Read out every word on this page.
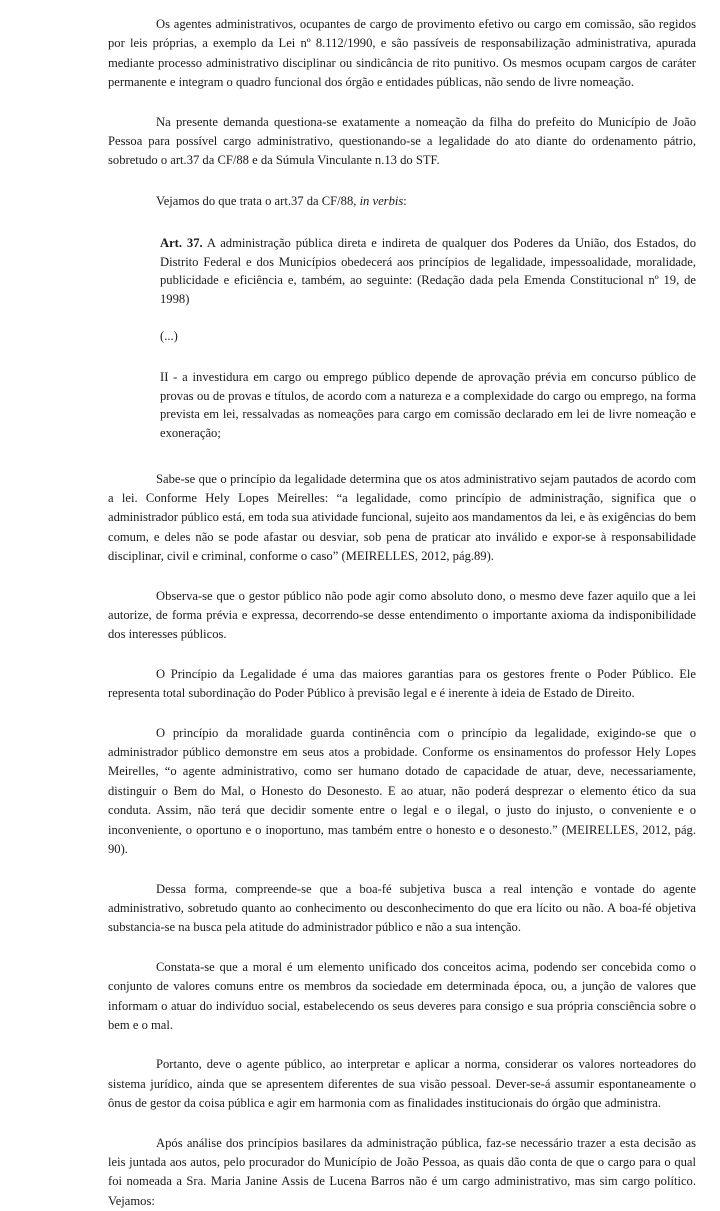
Os agentes administrativos, ocupantes de cargo de provimento efetivo ou cargo em comissão, são regidos por leis próprias, a exemplo da Lei nº 8.112/1990, e são passíveis de responsabilização administrativa, apurada mediante processo administrativo disciplinar ou sindicância de rito punitivo. Os mesmos ocupam cargos de caráter permanente e integram o quadro funcional dos órgão e entidades públicas, não sendo de livre nomeação.

Na presente demanda questiona-se exatamente a nomeação da filha do prefeito do Município de João Pessoa para possível cargo administrativo, questionando-se a legalidade do ato diante do ordenamento pátrio, sobretudo o art.37 da CF/88 e da Súmula Vinculante n.13 do STF.

Vejamos do que trata o art.37 da CF/88, in verbis:

Art. 37. A administração pública direta e indireta de qualquer dos Poderes da União, dos Estados, do Distrito Federal e dos Municípios obedecerá aos princípios de legalidade, impessoalidade, moralidade, publicidade e eficiência e, também, ao seguinte: (Redação dada pela Emenda Constitucional nº 19, de 1998)

(...)

II - a investidura em cargo ou emprego público depende de aprovação prévia em concurso público de provas ou de provas e títulos, de acordo com a natureza e a complexidade do cargo ou emprego, na forma prevista em lei, ressalvadas as nomeações para cargo em comissão declarado em lei de livre nomeação e exoneração;

Sabe-se que o princípio da legalidade determina que os atos administrativo sejam pautados de acordo com a lei. Conforme Hely Lopes Meirelles: “a legalidade, como princípio de administração, significa que o administrador público está, em toda sua atividade funcional, sujeito aos mandamentos da lei, e às exigências do bem comum, e deles não se pode afastar ou desviar, sob pena de praticar ato inválido e expor-se à responsabilidade disciplinar, civil e criminal, conforme o caso” (MEIRELLES, 2012, pág.89).

Observa-se que o gestor público não pode agir como absoluto dono, o mesmo deve fazer aquilo que a lei autorize, de forma prévia e expressa, decorrendo-se desse entendimento o importante axioma da indisponibilidade dos interesses públicos.

O Princípio da Legalidade é uma das maiores garantias para os gestores frente o Poder Público. Ele representa total subordinação do Poder Público à previsão legal e é inerente à ideia de Estado de Direito.

O princípio da moralidade guarda continência com o princípio da legalidade, exigindo-se que o administrador público demonstre em seus atos a probidade. Conforme os ensinamentos do professor Hely Lopes Meirelles, “o agente administrativo, como ser humano dotado de capacidade de atuar, deve, necessariamente, distinguir o Bem do Mal, o Honesto do Desonesto. E ao atuar, não poderá desprezar o elemento ético da sua conduta. Assim, não terá que decidir somente entre o legal e o ilegal, o justo do injusto, o conveniente e o inconveniente, o oportuno e o inoportuno, mas também entre o honesto e o desonesto.” (MEIRELLES, 2012, pág. 90).

Dessa forma, compreende-se que a boa-fé subjetiva busca a real intenção e vontade do agente administrativo, sobretudo quanto ao conhecimento ou desconhecimento do que era lícito ou não. A boa-fé objetiva substancia-se na busca pela atitude do administrador público e não a sua intenção.

Constata-se que a moral é um elemento unificado dos conceitos acima, podendo ser concebida como o conjunto de valores comuns entre os membros da sociedade em determinada época, ou, a junção de valores que informam o atuar do indivíduo social, estabelecendo os seus deveres para consigo e sua própria consciência sobre o bem e o mal.

Portanto, deve o agente público, ao interpretar e aplicar a norma, considerar os valores norteadores do sistema jurídico, ainda que se apresentem diferentes de sua visão pessoal. Dever-se-á assumir espontaneamente o ônus de gestor da coisa pública e agir em harmonia com as finalidades institucionais do órgão que administra.

Após análise dos princípios basilares da administração pública, faz-se necessário trazer a esta decisão as leis juntada aos autos, pelo procurador do Município de João Pessoa, as quais dão conta de que o cargo para o qual foi nomeada a Sra. Maria Janine Assis de Lucena Barros não é um cargo administrativo, mas sim cargo político. Vejamos:
